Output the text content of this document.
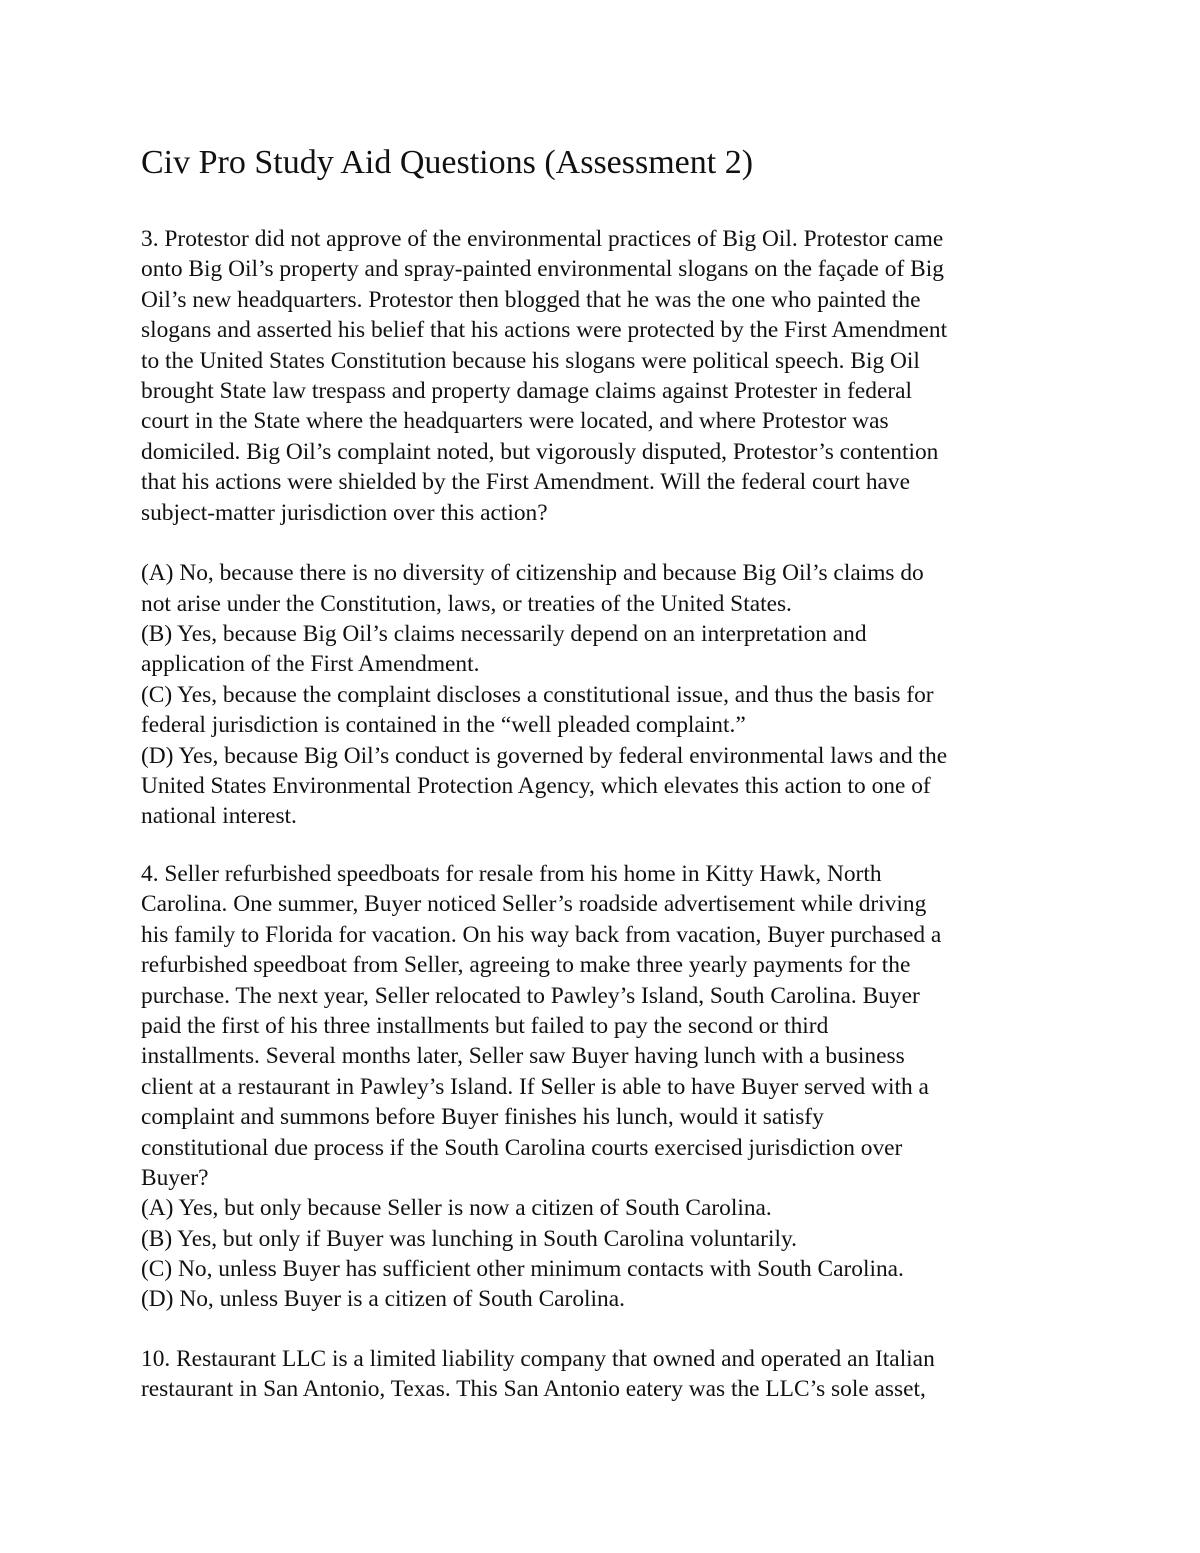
Civ Pro Study Aid Questions (Assessment 2)
3. Protestor did not approve of the environmental practices of Big Oil. Protestor came
onto Big Oil’s property and spray-painted environmental slogans on the façade of Big
Oil’s new headquarters. Protestor then blogged that he was the one who painted the
slogans and asserted his belief that his actions were protected by the First Amendment
to the United States Constitution because his slogans were political speech. Big Oil
brought State law trespass and property damage claims against Protester in federal
court in the State where the headquarters were located, and where Protestor was
domiciled. Big Oil’s complaint noted, but vigorously disputed, Protestor’s contention
that his actions were shielded by the First Amendment. Will the federal court have
subject-matter jurisdiction over this action?
(A) No, because there is no diversity of citizenship and because Big Oil’s claims do
not arise under the Constitution, laws, or treaties of the United States.
(B) Yes, because Big Oil’s claims necessarily depend on an interpretation and
application of the First Amendment.
(C) Yes, because the complaint discloses a constitutional issue, and thus the basis for
federal jurisdiction is contained in the “well pleaded complaint.”
(D) Yes, because Big Oil’s conduct is governed by federal environmental laws and the
United States Environmental Protection Agency, which elevates this action to one of
national interest.
4. Seller refurbished speedboats for resale from his home in Kitty Hawk, North
Carolina. One summer, Buyer noticed Seller’s roadside advertisement while driving
his family to Florida for vacation. On his way back from vacation, Buyer purchased a
refurbished speedboat from Seller, agreeing to make three yearly payments for the
purchase. The next year, Seller relocated to Pawley’s Island, South Carolina. Buyer
paid the first of his three installments but failed to pay the second or third
installments. Several months later, Seller saw Buyer having lunch with a business
client at a restaurant in Pawley’s Island. If Seller is able to have Buyer served with a
complaint and summons before Buyer finishes his lunch, would it satisfy
constitutional due process if the South Carolina courts exercised jurisdiction over
Buyer?
(A) Yes, but only because Seller is now a citizen of South Carolina.
(B) Yes, but only if Buyer was lunching in South Carolina voluntarily.
(C) No, unless Buyer has sufficient other minimum contacts with South Carolina.
(D) No, unless Buyer is a citizen of South Carolina.
10. Restaurant LLC is a limited liability company that owned and operated an Italian
restaurant in San Antonio, Texas. This San Antonio eatery was the LLC’s sole asset,
